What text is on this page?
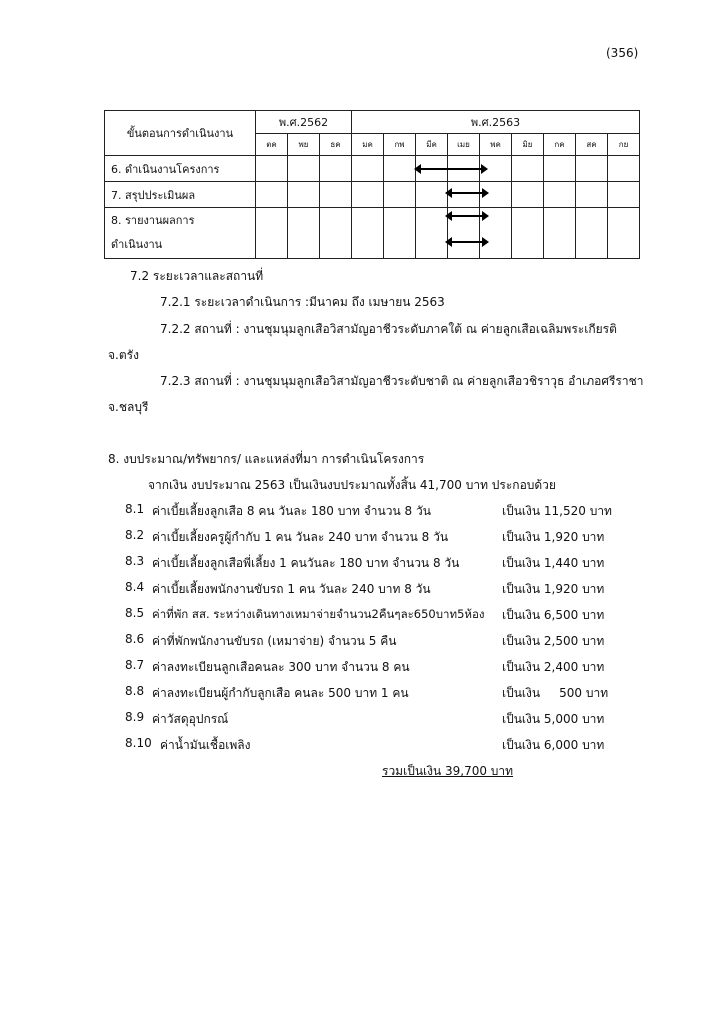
(356)
ขั้นตอนการดำเนินงาน	พ.ศ.2562			พ.ศ.2563								
	ตค	พย	ธค	มค	กพ	มีค	เมย	พค	มิย	กค	สค	กย
6. ดำเนินงานโครงการ												
7. สรุปประเมินผล												

8. รายงานผลการ
ดำเนินงาน												

7.2 ระยะเวลาและสถานที่
7.2.1 ระยะเวลาดำเนินการ :มีนาคม ถึง เมษายน 2563
7.2.2 สถานที่ : งานชุมนุมลูกเสือวิสามัญอาชีวระดับภาคใต้ ณ ค่ายลูกเสือเฉลิมพระเกียรติ
จ.ตรัง
7.2.3 สถานที่ : งานชุมนุมลูกเสือวิสามัญอาชีวระดับชาติ ณ ค่ายลูกเสือวชิราวุธ อำเภอศรีราชา
จ.ชลบุรี
8. งบประมาณ/ทรัพยากร/ และแหล่งที่มา การดำเนินโครงการ
จากเงิน งบประมาณ 2563 เป็นเงินงบประมาณทั้งสิ้น 41,700 บาท ประกอบด้วย
8.1 ค่าเบี้ยเลี้ยงลูกเสือ 8 คน วันละ 180 บาท จำนวน 8 วัน	เป็นเงิน 11,520 บาท
8.2 ค่าเบี้ยเลี้ยงครูผู้กำกับ 1 คน วันละ 240 บาท จำนวน 8 วัน	เป็นเงิน 1,920 บาท
8.3 ค่าเบี้ยเลี้ยงลูกเสือพี่เลี้ยง 1 คนวันละ 180 บาท จำนวน 8 วัน	เป็นเงิน 1,440 บาท
8.4 ค่าเบี้ยเลี้ยงพนักงานขับรถ 1 คน วันละ 240 บาท 8 วัน	เป็นเงิน 1,920 บาท
8.5 ค่าที่พัก สส. ระหว่างเดินทางเหมาจ่ายจำนวน2คืนๆละ650บาท5ห้อง เป็นเงิน 6,500 บาท
8.6 ค่าที่พักพนักงานขับรถ (เหมาจ่าย) จำนวน 5 คืน	เป็นเงิน 2,500 บาท
8.7 ค่าลงทะเบียนลูกเสือคนละ 300 บาท จำนวน 8 คน	เป็นเงิน 2,400 บาท
8.8 ค่าลงทะเบียนผู้กำกับลูกเสือ คนละ 500 บาท 1 คน	เป็นเงิน     500 บาท
8.9 ค่าวัสดุอุปกรณ์	เป็นเงิน 5,000 บาท
8.10 ค่าน้ำมันเชื้อเพลิง	เป็นเงิน 6,000 บาท
รวมเป็นเงิน 39,700 บาท
